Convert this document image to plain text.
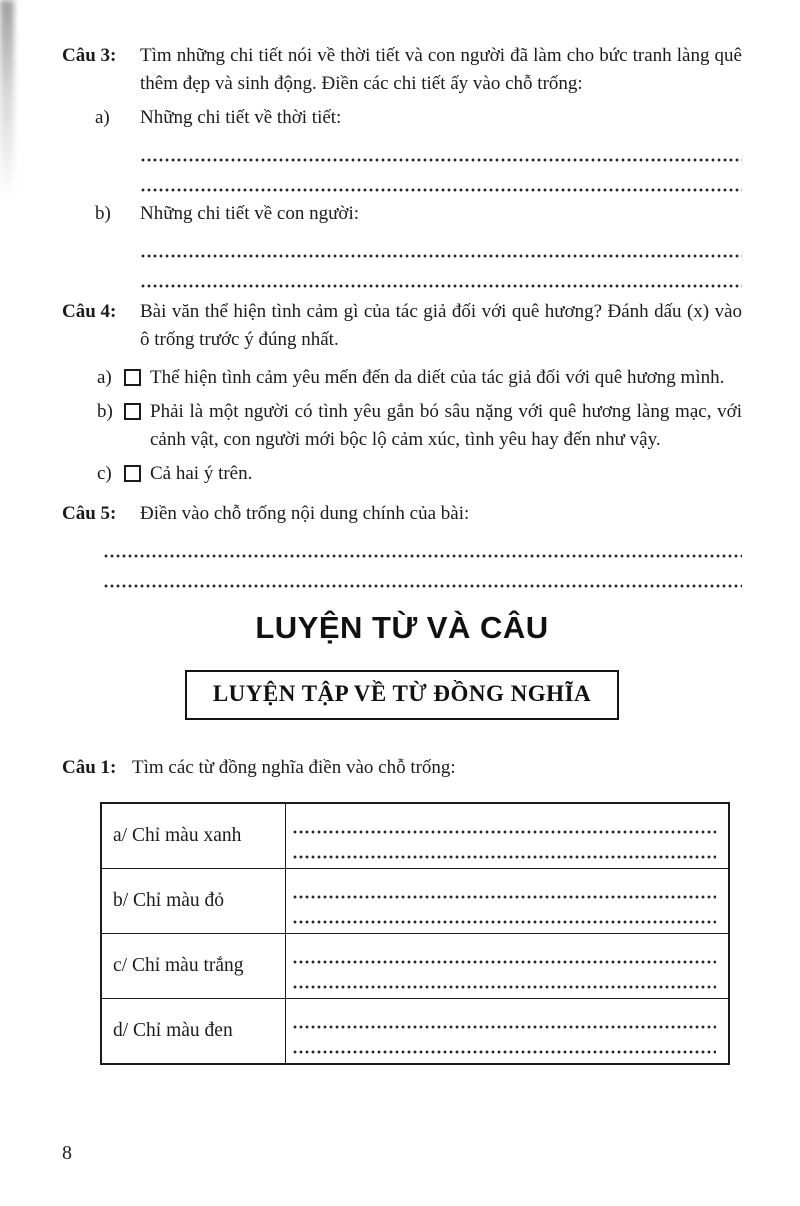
Câu 3: Tìm những chi tiết nói về thời tiết và con người đã làm cho bức tranh làng quê thêm đẹp và sinh động. Điền các chi tiết ấy vào chỗ trống:
a) Những chi tiết về thời tiết:
b) Những chi tiết về con người:
Câu 4: Bài văn thể hiện tình cảm gì của tác giả đối với quê hương? Đánh dấu (x) vào ô trống trước ý đúng nhất.
a)	Thể hiện tình cảm yêu mến đến da diết của tác giả đối với quê hương mình.
b)	Phải là một người có tình yêu gắn bó sâu nặng với quê hương làng mạc, với cảnh vật, con người mới bộc lộ cảm xúc, tình yêu hay đến như vậy.
c)	Cả hai ý trên.
Câu 5: Điền vào chỗ trống nội dung chính của bài:
LUYỆN TỪ VÀ CÂU
LUYỆN TẬP VỀ TỪ ĐỒNG NGHĨA
Câu 1: Tìm các từ đồng nghĩa điền vào chỗ trống:
a/ Chỉ màu xanh	

b/ Chỉ màu đỏ	

c/ Chỉ màu trắng	

d/ Chỉ màu đen	
8
